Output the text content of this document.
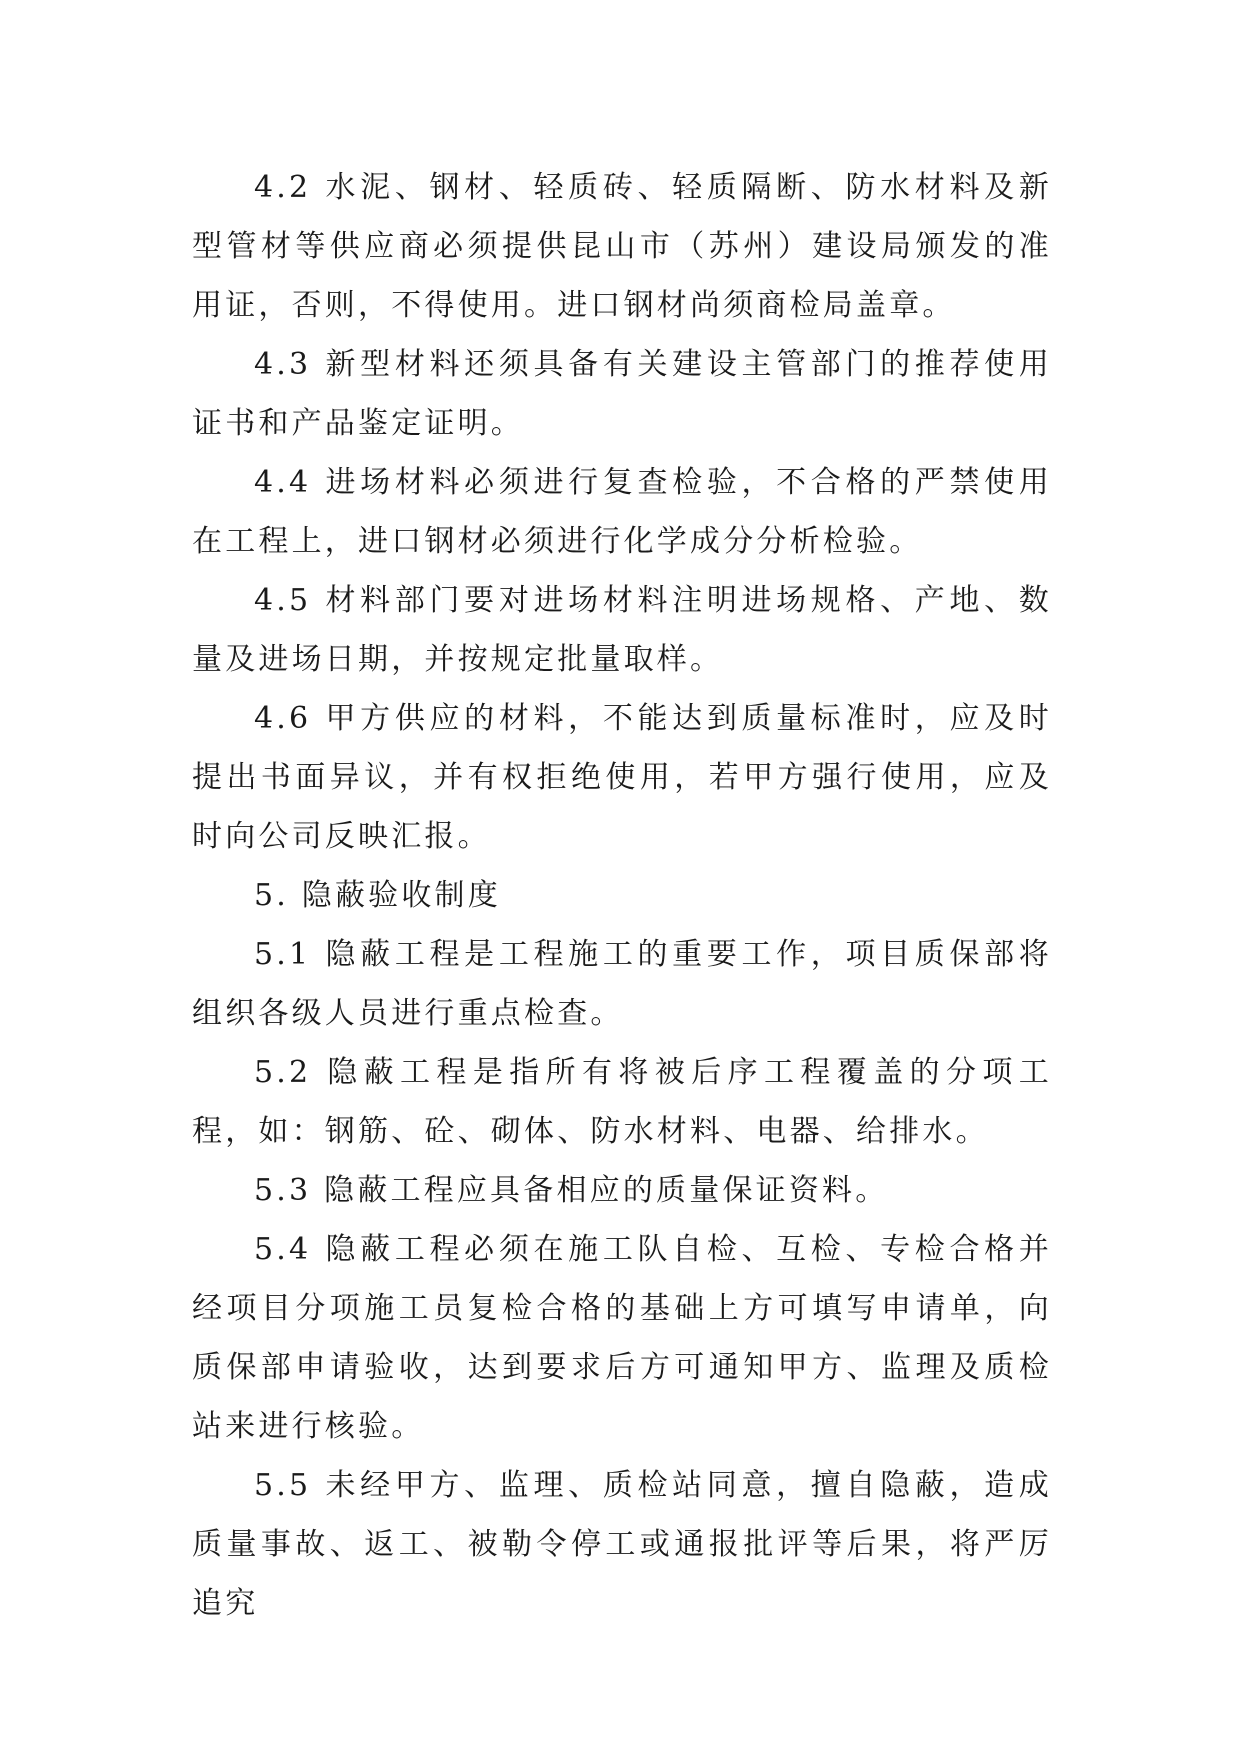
4.2 水泥、钢材、轻质砖、轻质隔断、防水材料及新型管材等供应商必须提供昆山市（苏州）建设局颁发的准用证，否则，不得使用。进口钢材尚须商检局盖章。

4.3 新型材料还须具备有关建设主管部门的推荐使用证书和产品鉴定证明。

4.4 进场材料必须进行复查检验，不合格的严禁使用在工程上，进口钢材必须进行化学成分分析检验。

4.5 材料部门要对进场材料注明进场规格、产地、数量及进场日期，并按规定批量取样。

4.6 甲方供应的材料，不能达到质量标准时，应及时提出书面异议，并有权拒绝使用，若甲方强行使用，应及时向公司反映汇报。

5. 隐蔽验收制度

5.1 隐蔽工程是工程施工的重要工作，项目质保部将组织各级人员进行重点检查。

5.2 隐蔽工程是指所有将被后序工程覆盖的分项工程，如：钢筋、砼、砌体、防水材料、电器、给排水。

5.3 隐蔽工程应具备相应的质量保证资料。

5.4 隐蔽工程必须在施工队自检、互检、专检合格并经项目分项施工员复检合格的基础上方可填写申请单，向质保部申请验收，达到要求后方可通知甲方、监理及质检站来进行核验。

5.5 未经甲方、监理、质检站同意，擅自隐蔽，造成质量事故、返工、被勒令停工或通报批评等后果，将严厉追究
